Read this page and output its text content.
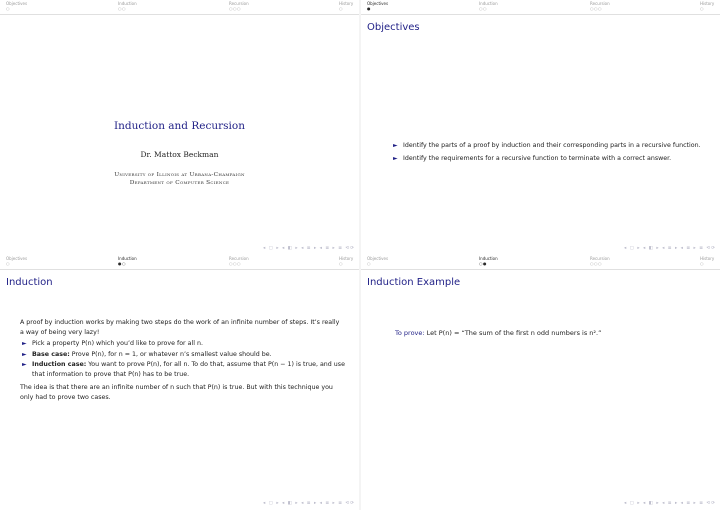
Objectives
○
Induction
○○
Recursion
○○○
History
○
Induction and Recursion
Dr. Mattox Beckman
University of Illinois at Urbana-Champaign
Department of Computer Science
◂ ▢ ▸ ◂ ◧ ▸ ◂ ≣ ▸ ◂ ≣ ▸ ≣ ⟲⟳
Objectives
●
Induction
○○
Recursion
○○○
History
○
Objectives
► Identify the parts of a proof by induction and their corresponding parts in a recursive function.
► Identify the requirements for a recursive function to terminate with a correct answer.
◂ ▢ ▸ ◂ ◧ ▸ ◂ ≣ ▸ ◂ ≣ ▸ ≣ ⟲⟳
Objectives
○
Induction
●○
Recursion
○○○
History
○
Induction
A proof by induction works by making two steps do the work of an infinite number of steps. It’s really a way of being very lazy!
► Pick a property P(n) which you’d like to prove for all n.
► Base case: Prove P(n), for n = 1, or whatever n’s smallest value should be.
► Induction case: You want to prove P(n), for all n. To do that, assume that P(n − 1) is true, and use that information to prove that P(n) has to be true.
The idea is that there are an infinite number of n such that P(n) is true. But with this technique you only had to prove two cases.
◂ ▢ ▸ ◂ ◧ ▸ ◂ ≣ ▸ ◂ ≣ ▸ ≣ ⟲⟳
Objectives
○
Induction
○●
Recursion
○○○
History
○
Induction Example
To prove: Let P(n) = “The sum of the first n odd numbers is n².”
◂ ▢ ▸ ◂ ◧ ▸ ◂ ≣ ▸ ◂ ≣ ▸ ≣ ⟲⟳
